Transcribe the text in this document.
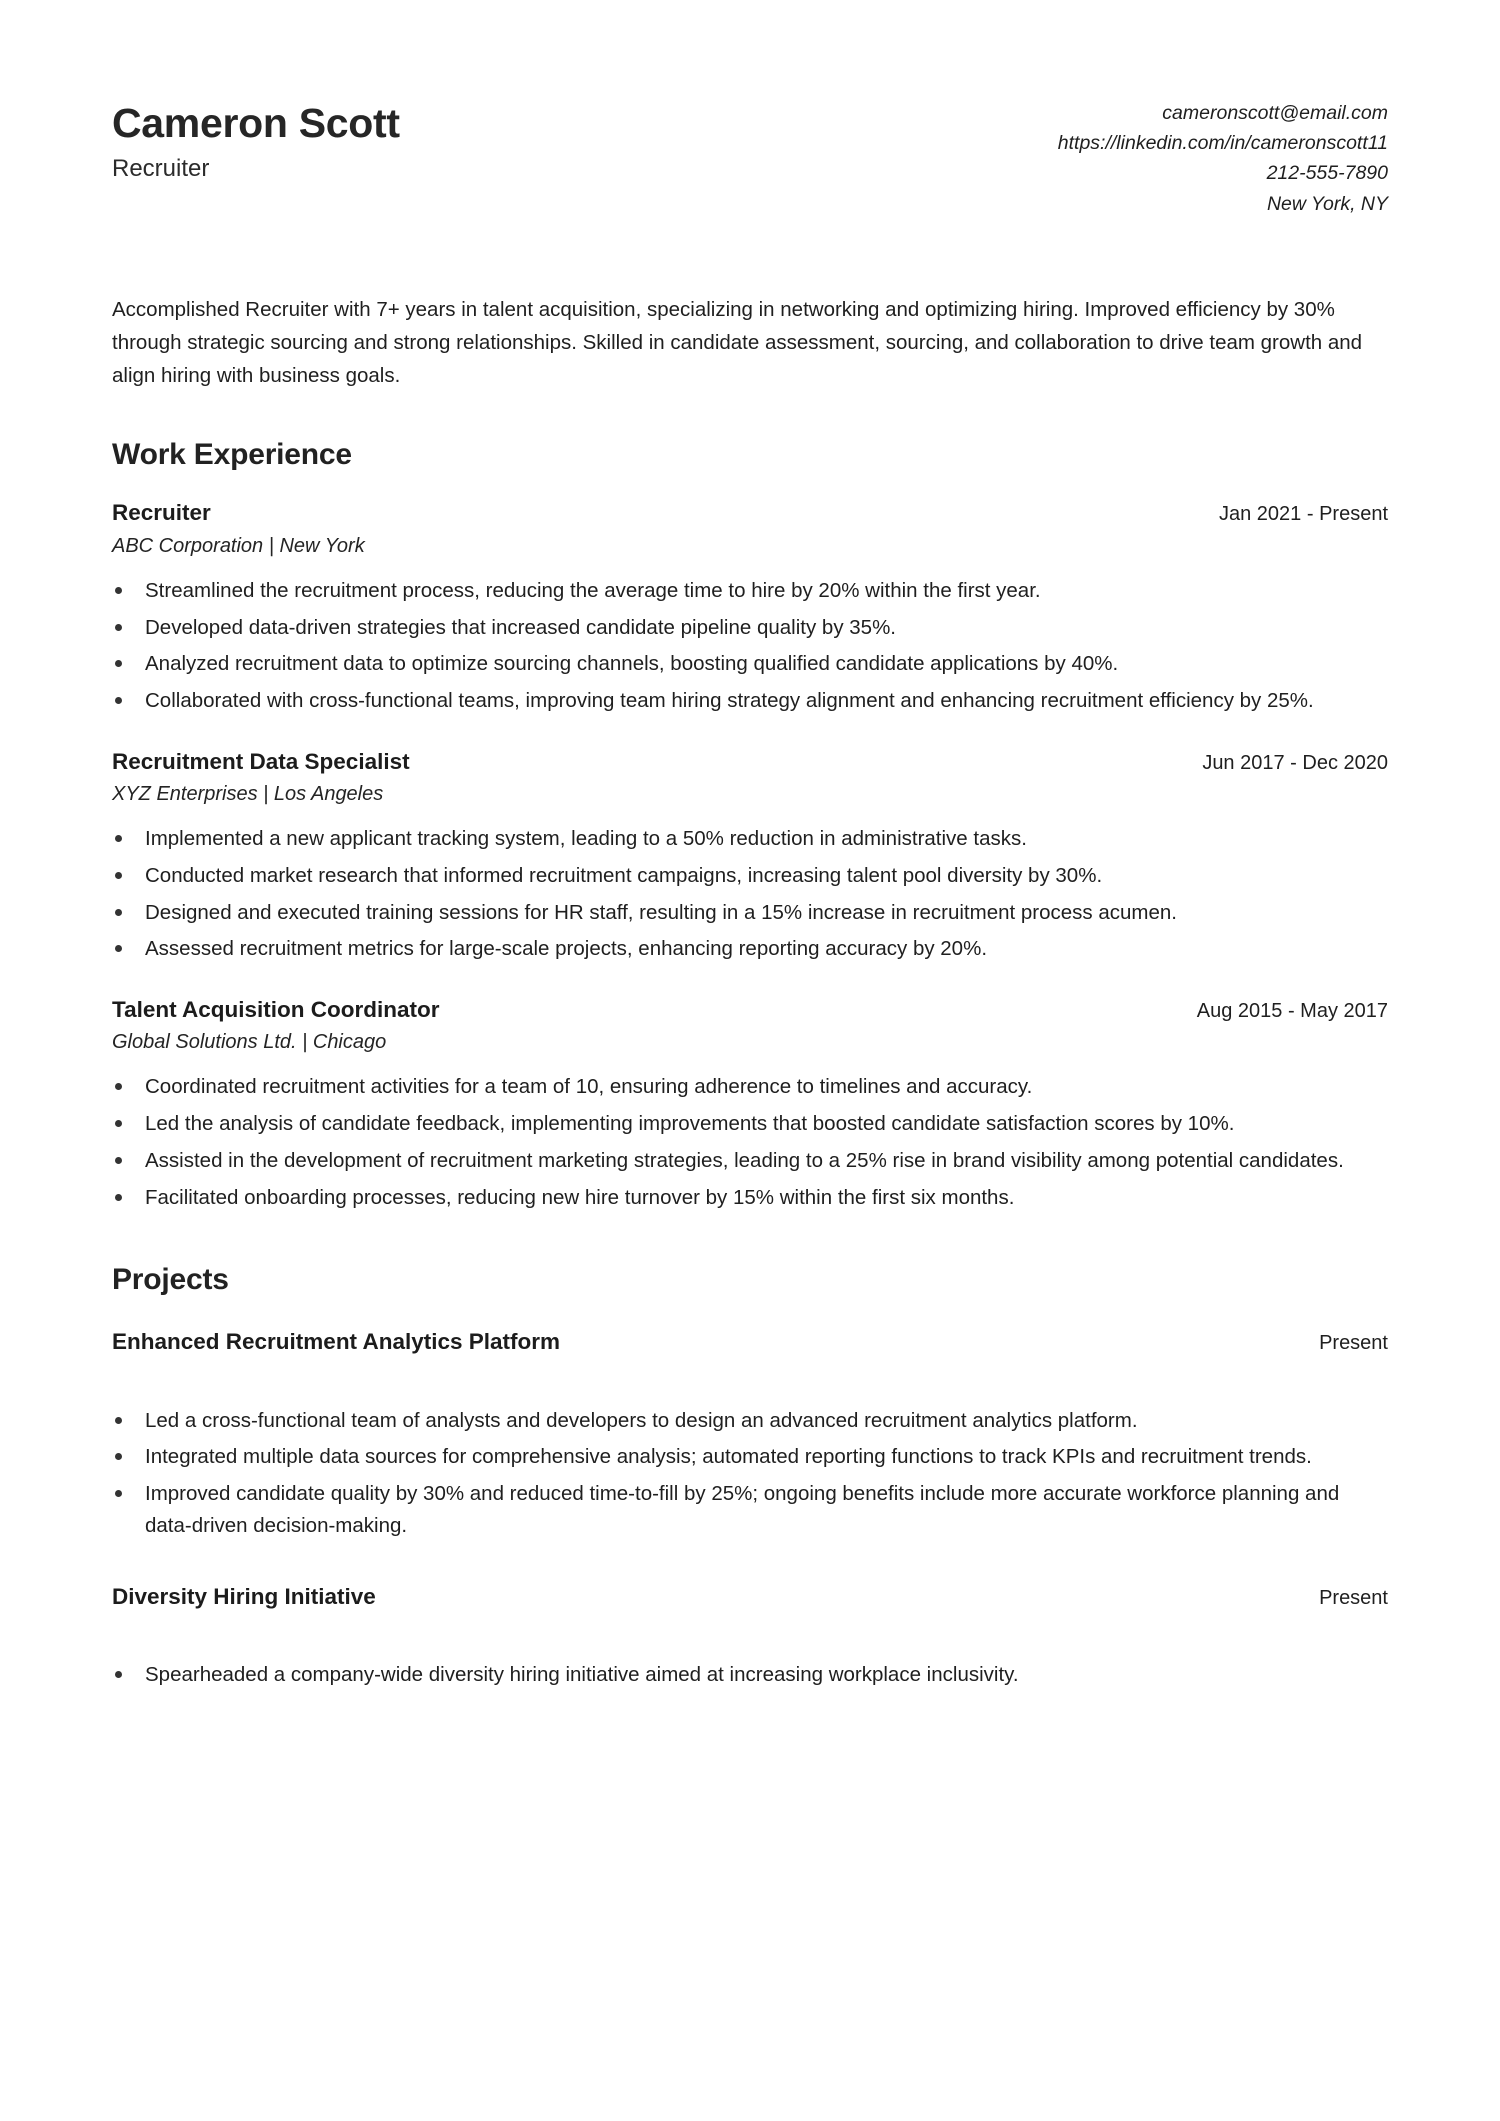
Cameron Scott
Recruiter
cameronscott@email.com
https://linkedin.com/in/cameronscott11
212-555-7890
New York, NY
Accomplished Recruiter with 7+ years in talent acquisition, specializing in networking and optimizing hiring. Improved efficiency by 30% through strategic sourcing and strong relationships. Skilled in candidate assessment, sourcing, and collaboration to drive team growth and align hiring with business goals.
Work Experience
Recruiter	Jan 2021 - Present
ABC Corporation | New York
Streamlined the recruitment process, reducing the average time to hire by 20% within the first year.
Developed data-driven strategies that increased candidate pipeline quality by 35%.
Analyzed recruitment data to optimize sourcing channels, boosting qualified candidate applications by 40%.
Collaborated with cross-functional teams, improving team hiring strategy alignment and enhancing recruitment efficiency by 25%.
Recruitment Data Specialist	Jun 2017 - Dec 2020
XYZ Enterprises | Los Angeles
Implemented a new applicant tracking system, leading to a 50% reduction in administrative tasks.
Conducted market research that informed recruitment campaigns, increasing talent pool diversity by 30%.
Designed and executed training sessions for HR staff, resulting in a 15% increase in recruitment process acumen.
Assessed recruitment metrics for large-scale projects, enhancing reporting accuracy by 20%.
Talent Acquisition Coordinator	Aug 2015 - May 2017
Global Solutions Ltd. | Chicago
Coordinated recruitment activities for a team of 10, ensuring adherence to timelines and accuracy.
Led the analysis of candidate feedback, implementing improvements that boosted candidate satisfaction scores by 10%.
Assisted in the development of recruitment marketing strategies, leading to a 25% rise in brand visibility among potential candidates.
Facilitated onboarding processes, reducing new hire turnover by 15% within the first six months.
Projects
Enhanced Recruitment Analytics Platform	Present
Led a cross-functional team of analysts and developers to design an advanced recruitment analytics platform.
Integrated multiple data sources for comprehensive analysis; automated reporting functions to track KPIs and recruitment trends.
Improved candidate quality by 30% and reduced time-to-fill by 25%; ongoing benefits include more accurate workforce planning and data-driven decision-making.
Diversity Hiring Initiative	Present
Spearheaded a company-wide diversity hiring initiative aimed at increasing workplace inclusivity.
